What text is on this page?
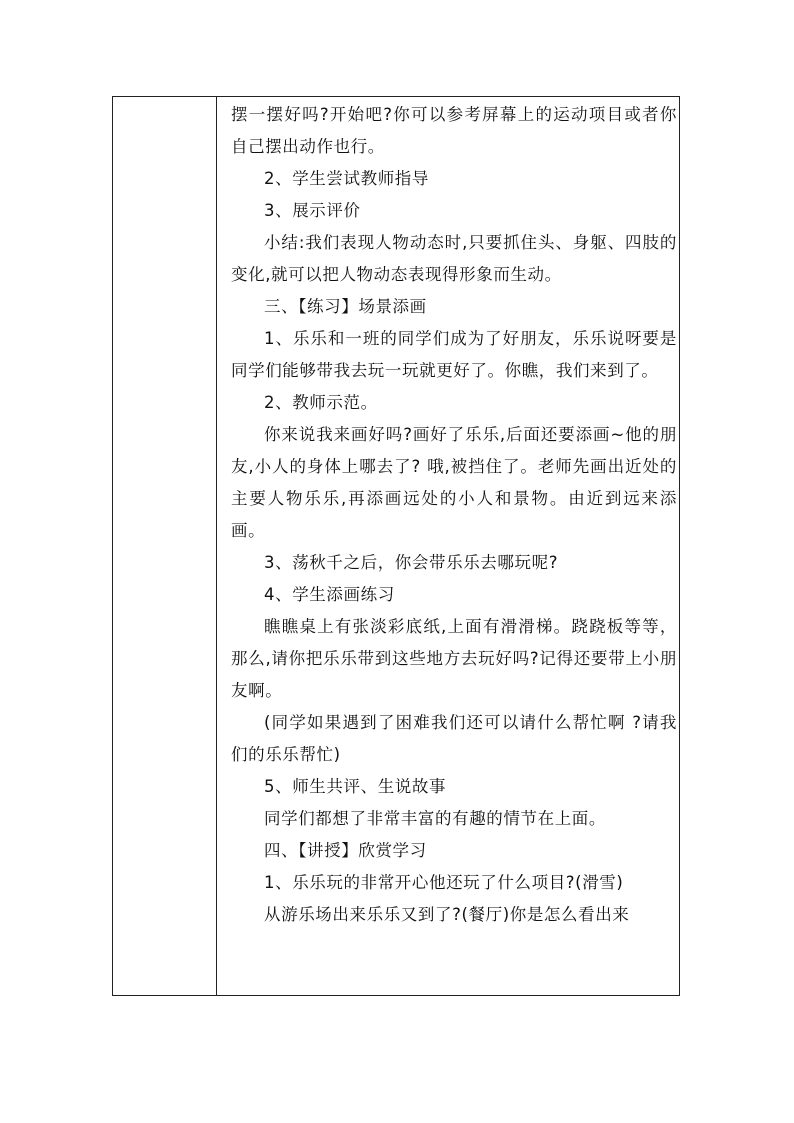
摆一摆好吗?开始吧?你可以参考屏幕上的运动项目或者你自己摆出动作也行。

2、学生尝试教师指导

3、展示评价

小结:我们表现人物动态时,只要抓住头、身躯、四肢的变化,就可以把人物动态表现得形象而生动。

三、【练习】场景添画

1、乐乐和一班的同学们成为了好朋友，乐乐说呀要是同学们能够带我去玩一玩就更好了。你瞧，我们来到了。

2、教师示范。

你来说我来画好吗?画好了乐乐,后面还要添画~他的朋友,小人的身体上哪去了? 哦,被挡住了。老师先画出近处的主要人物乐乐,再添画远处的小人和景物。由近到远来添画。

3、荡秋千之后，你会带乐乐去哪玩呢?

4、学生添画练习

瞧瞧桌上有张淡彩底纸,上面有滑滑梯。跷跷板等等，那么,请你把乐乐带到这些地方去玩好吗?记得还要带上小朋友啊。

(同学如果遇到了困难我们还可以请什么帮忙啊 ?请我们的乐乐帮忙)

5、师生共评、生说故事

同学们都想了非常丰富的有趣的情节在上面。

四、【讲授】欣赏学习

1、乐乐玩的非常开心他还玩了什么项目?(滑雪)

从游乐场出来乐乐又到了?(餐厅)你是怎么看出来
